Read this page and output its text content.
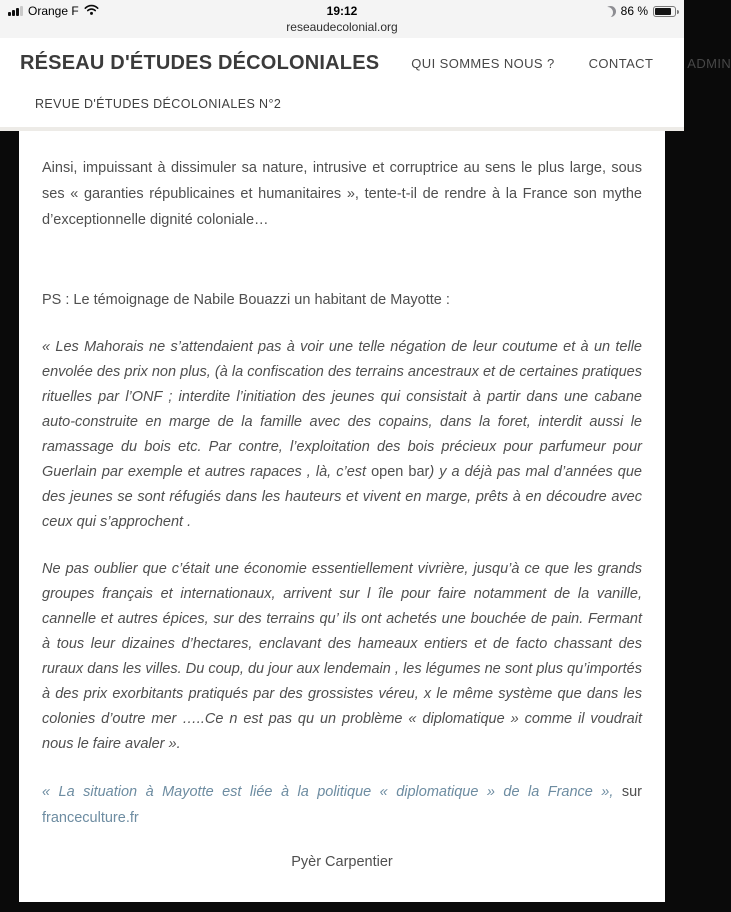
Orange F	19:12	86 %
reseaudecolonial.org
RÉSEAU D'ÉTUDES DÉCOLONIALES QUI SOMMES NOUS ?	CONTACT	ADMIN
REVUE D'ÉTUDES DÉCOLONIALES N°2

Ainsi, impuissant à dissimuler sa nature, intrusive et corruptrice au sens le plus large, sous ses « garanties républicaines et humanitaires », tente-t-il de rendre à la France son mythe d’exceptionnelle dignité coloniale…

PS : Le témoignage de Nabile Bouazzi un habitant de Mayotte :

« Les Mahorais ne s’attendaient pas à voir une telle négation de leur coutume et à un telle envolée des prix non plus, (à la confiscation des terrains ancestraux et de certaines pratiques rituelles par l’ONF ; interdite l’initiation des jeunes qui consistait à partir dans une cabane auto-construite en marge de la famille avec des copains, dans la foret, interdit aussi le ramassage du bois etc. Par contre, l’exploitation des bois précieux pour parfumeur pour Guerlain par exemple et autres rapaces , là, c’est open bar) y a déjà pas mal d’années que des jeunes se sont réfugiés dans les hauteurs et vivent en marge, prêts à en découdre avec ceux qui s’approchent .

Ne pas oublier que c’était une économie essentiellement vivrière, jusqu’à ce que les grands groupes français et internationaux, arrivent sur l île pour faire notamment de la vanille, cannelle et autres épices, sur des terrains qu’ ils ont achetés une bouchée de pain. Fermant à tous leur dizaines d’hectares, enclavant des hameaux entiers et de facto chassant des ruraux dans les villes. Du coup, du jour aux lendemain , les légumes ne sont plus qu’importés à des prix exorbitants pratiqués par des grossistes véreu, x le même système que dans les colonies d’outre mer …..Ce n est pas qu un problème « diplomatique » comme il voudrait nous le faire avaler ».

« La situation à Mayotte est liée à la politique « diplomatique » de la France », sur franceculture.fr

Pyèr Carpentier
